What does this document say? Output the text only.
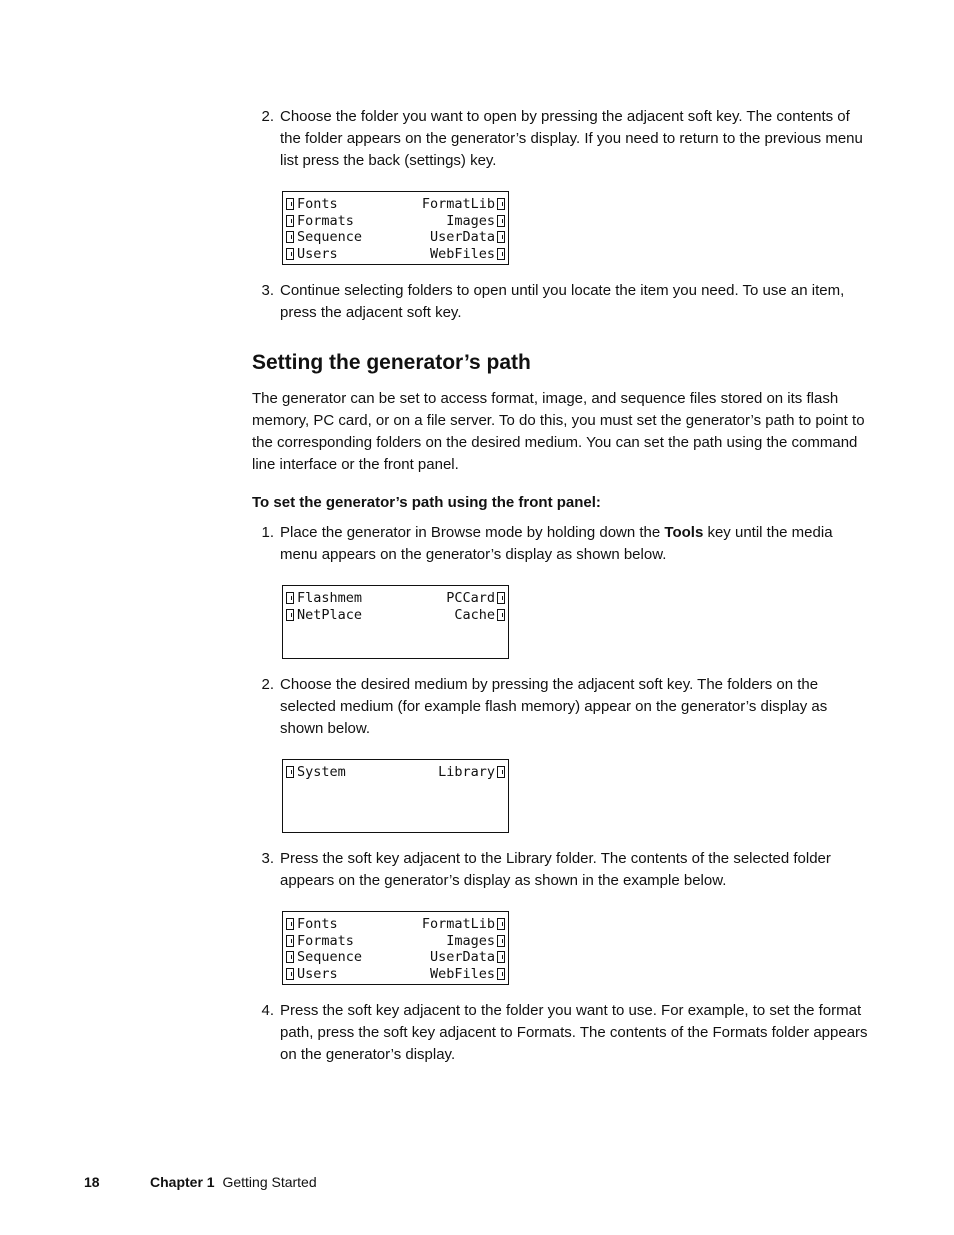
2. Choose the folder you want to open by pressing the adjacent soft key. The contents of the folder appears on the generator’s display. If you need to return to the previous menu list press the back (settings) key.
Fonts	FormatLib
Formats	Images
Sequence	UserData
Users	WebFiles
3. Continue selecting folders to open until you locate the item you need. To use an item, press the adjacent soft key.
Setting the generator’s path
The generator can be set to access format, image, and sequence files stored on its flash memory, PC card, or on a file server. To do this, you must set the generator’s path to point to the corresponding folders on the desired medium. You can set the path using the command line interface or the front panel.
To set the generator’s path using the front panel:
1. Place the generator in Browse mode by holding down the Tools key until the media menu appears on the generator’s display as shown below.
Flashmem	PCCard
NetPlace	Cache
2. Choose the desired medium by pressing the adjacent soft key. The folders on the selected medium (for example flash memory) appear on the generator’s display as shown below.
System	Library
3. Press the soft key adjacent to the Library folder. The contents of the selected folder appears on the generator’s display as shown in the example below.
Fonts	FormatLib
Formats	Images
Sequence	UserData
Users	WebFiles
4. Press the soft key adjacent to the folder you want to use. For example, to set the format path, press the soft key adjacent to Formats. The contents of the Formats folder appears on the generator’s display.
18	Chapter 1 Getting Started
